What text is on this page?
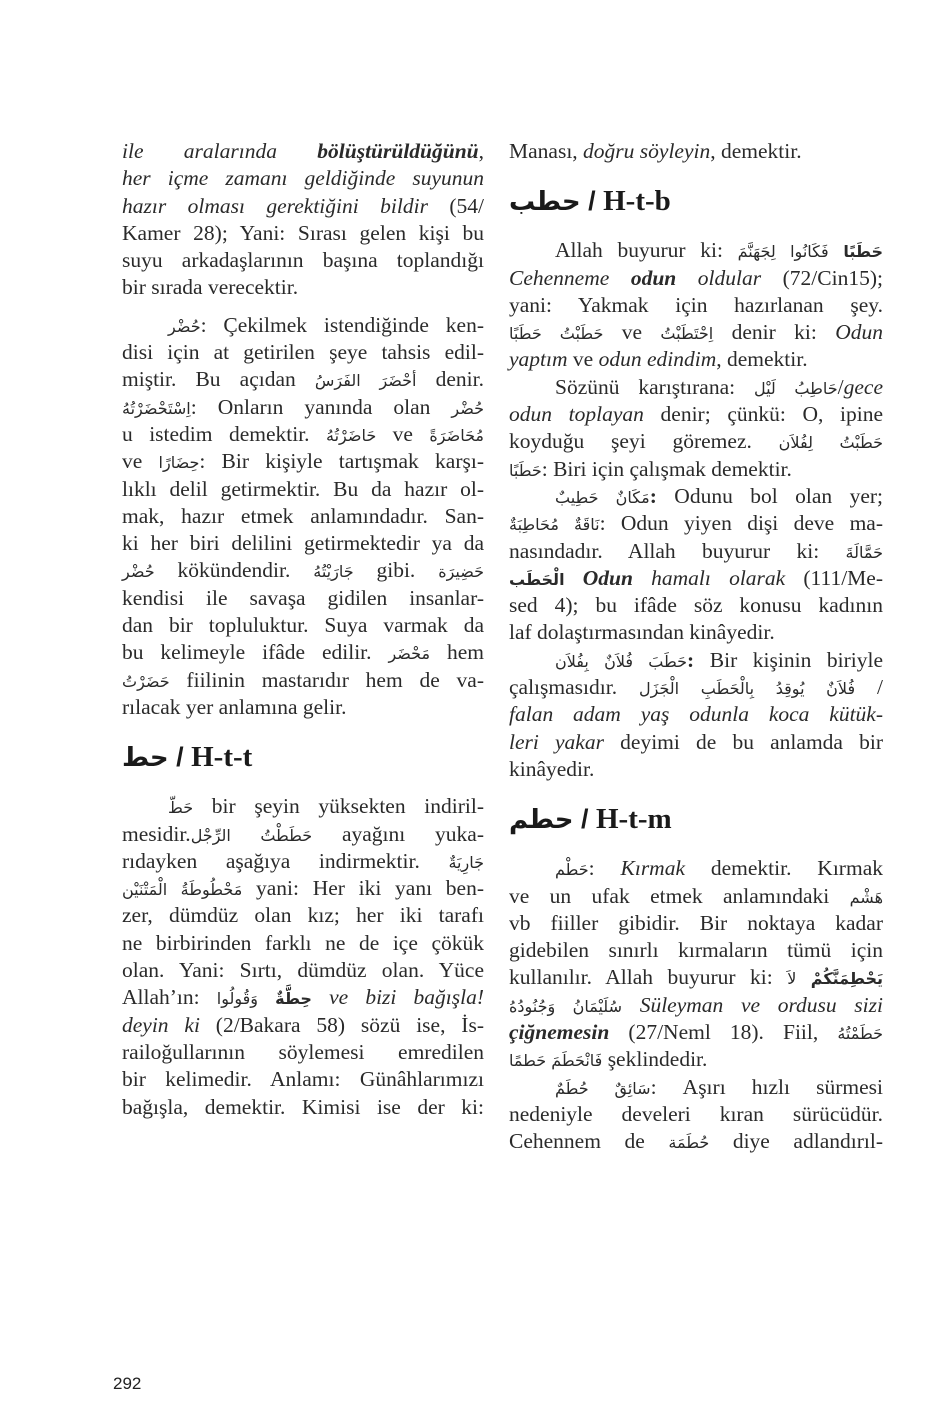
ile aralarında bölüştürüldüğünü,
her içme zamanı geldiğinde suyunun
hazır olması gerektiğini bildir (54/
Kamer 28); Yani: Sırası gelen kişi bu
suyu arkadaşlarının başına toplandığı
bir sırada verecektir.
حُضْر: Çekilmek istendiğinde ken-
disi için at getirilen şeye tahsis edil-
miştir. Bu açıdan أحْضَرَ الفَرَسُ denir.
اِسْتَحْضَرْتُهُ: Onların yanında olan حُضْر
u istedim demektir. حَاضَرْتُهُ ve مُحَاضَرَةً
ve حِضَارًا: Bir kişiyle tartışmak karşı-
lıklı delil getirmektir. Bu da hazır ol-
mak, hazır etmek anlamındadır. San-
ki her biri delilini getirmektedir ya da
حُضْر kökündendir. جَارَيْتُهُ gibi. حَضِيرَة
kendisi ile savaşa gidilen insanlar-
dan bir topluluktur. Suya varmak da
bu kelimeyle ifâde edilir. مَحْضَر hem
حَضَرْتُ fiilinin mastarıdır hem de va-
rılacak yer anlamına gelir.
حط / H-t-t
حَطّ bir şeyin yüksekten indiril-
mesidir.حَطَطْتُ الرِّجْل ayağını yuka-
rıdayken aşağıya indirmektir. جَارِيَةٌ
مَحْطُوطَةُ الْمَتْنَيْن yani: Her iki yanı ben-
zer, dümdüz olan kız; her iki tarafı
ne birbirinden farklı ne de içe çökük
olan. Yani: Sırtı, dümdüz olan. Yüce
Allah’ın: وَقُولُوا حِطَّةٌ ve bizi bağışla!
deyin ki (2/Bakara 58) sözü ise, İs-
railoğullarının söylemesi emredilen
bir kelimedir. Anlamı: Günâhlarımızı
bağışla, demektir. Kimisi ise der ki:
Manası, doğru söyleyin, demektir.
حطب / H-t-b
Allah buyurur ki: فَكَانُوا لِجَهَنَّمَ حَطَبًا
Cehenneme odun oldular (72/Cin15);
yani: Yakmak için hazırlanan şey.
حَطَبْتُ حَطَبًا ve اِحْتَطَبْتُ denir ki: Odun
yaptım ve odun edindim, demektir.
Sözünü karıştırana: حَاطِبُ لَيْل/gece
odun toplayan denir; çünkü: O, ipine
koyduğu şeyi göremez. حَطَبْتُ لِفُلاَن
حَطَبًا: Biri için çalışmak demektir.
مَكَانٌ حَطِيبٌ: Odunu bol olan yer;
نَاقَةٌ مُحَاطِبَةٌ: Odun yiyen dişi deve ma-
nasındadır. Allah buyurur ki: حَمَّالَةَ
الْحَطَب Odun hamalı olarak (111/Me-
sed 4); bu ifâde söz konusu kadının
laf dolaştırmasından kinâyedir.
حَطَبَ فُلاَنٌ بِفُلاَن: Bir kişinin biriyle
çalışmasıdır. فُلاَنٌ يُوقِدُ بِالْحَطَبِ الْجَزَل /
falan adam yaş odunla koca kütük-
leri yakar deyimi de bu anlamda bir
kinâyedir.
حطم / H-t-m
حَطْم: Kırmak demektir. Kırmak
ve un ufak etmek anlamındaki هَشْم
vb fiiller gibidir. Bir noktaya kadar
gidebilen sınırlı kırmaların tümü için
kullanılır. Allah buyurur ki: لاَ يَحْطِمَنَّكُمْ
سُلَيْمَانُ وَجُنُودُهُ Süleyman ve ordusu sizi
çiğnemesin (27/Neml 18). Fiil, حَطَمْتُهُ
فَانْحَطَمَ حَطمًا şeklindedir.
سَائِقٌ حُطَمٌ: Aşırı hızlı sürmesi
nedeniyle develeri kıran sürücüdür.
Cehennem de حُطَمَة diye adlandırıl-
292
